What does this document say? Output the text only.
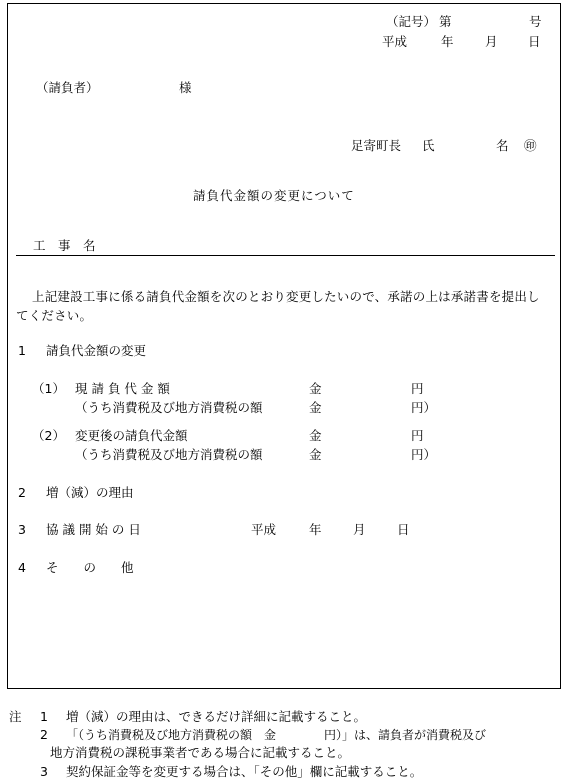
（記号） 第	号
平成	年	月 日
（請負者）	様
足寄町長 氏	名 ㊞
請負代金額の変更について
工　事　名
上記建設工事に係る請負代金額を次のとおり変更したいので、承諾の上は承諾書を提出してください。
1 請負代金額の変更
（1） 現 請 負 代 金 額	金	円
（うち消費税及び地方消費税の額	金	円）
（2） 変更後の請負代金額	金	円
（うち消費税及び地方消費税の額	金	円）
2 増（減）の理由
3 協 議 開 始 の 日	平成	年	月	日
4 そ　　の　　他
注 1 増（減）の理由は、できるだけ詳細に記載すること。
2 「（うち消費税及び地方消費税の額　金　　　　円）」は、請負者が消費税及び
地方消費税の課税事業者である場合に記載すること。
3 契約保証金等を変更する場合は、「その他」欄に記載すること。
